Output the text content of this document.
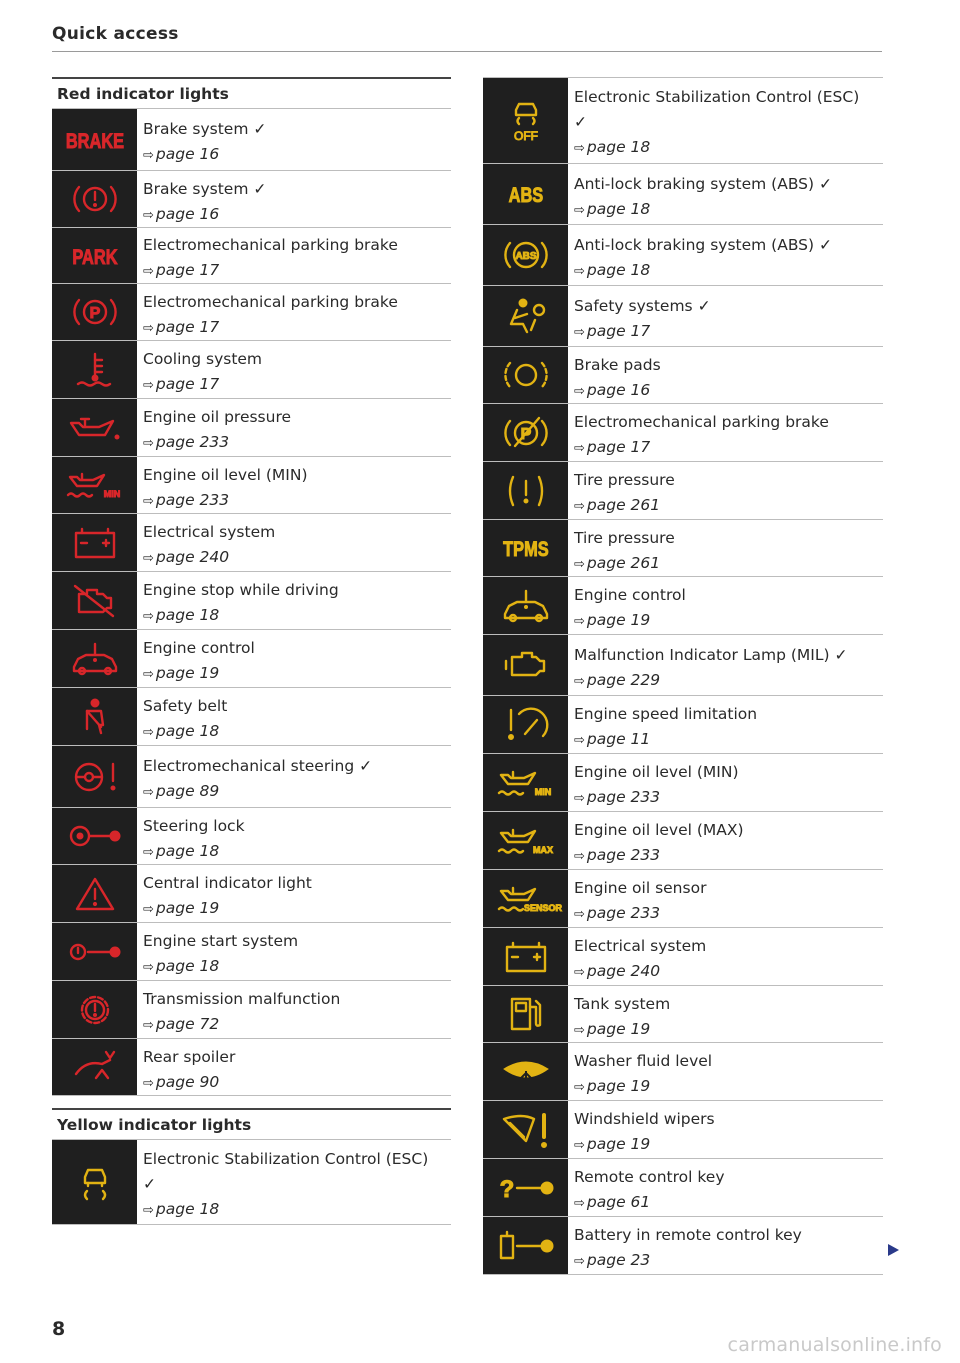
Quick access
Red indicator lights
BRAKE Brake system ✓
⇨ page 16
Brake system ✓
⇨ page 16
PARK Electromechanical parking brake
⇨ page 17
P
Electromechanical parking brake
⇨ page 17
Cooling system
⇨ page 17
Engine oil pressure
⇨ page 233
MIN
Engine oil level (MIN)
⇨ page 233
Electrical system
⇨ page 240
Engine stop while driving
⇨ page 18
Engine control
⇨ page 19
Safety belt
⇨ page 18
Electromechanical steering ✓
⇨ page 89
Steering lock
⇨ page 18
Central indicator light
⇨ page 19
Engine start system
⇨ page 18
Transmission malfunction
⇨ page 72
Rear spoiler
⇨ page 90
Yellow indicator lights
Electronic Stabilization Control (ESC)
✓
⇨ page 18
OFF
Electronic Stabilization Control (ESC)
✓
⇨ page 18
ABS Anti-lock braking system (ABS) ✓
⇨ page 18
ABS
Anti-lock braking system (ABS) ✓
⇨ page 18
Safety systems ✓
⇨ page 17
Brake pads
⇨ page 16
P
Electromechanical parking brake
⇨ page 17
Tire pressure
⇨ page 261
TPMS Tire pressure
⇨ page 261
Engine control
⇨ page 19
Malfunction Indicator Lamp (MIL) ✓
⇨ page 229
Engine speed limitation
⇨ page 11
MIN
Engine oil level (MIN)
⇨ page 233
MAX
Engine oil level (MAX)
⇨ page 233
SENSOR
Engine oil sensor
⇨ page 233
Electrical system
⇨ page 240
Tank system
⇨ page 19
Washer fluid level
⇨ page 19
Windshield wipers
⇨ page 19
?	Remote control key
⇨ page 61
Battery in remote control key
⇨ page 23
8
carmanualsonline.info
